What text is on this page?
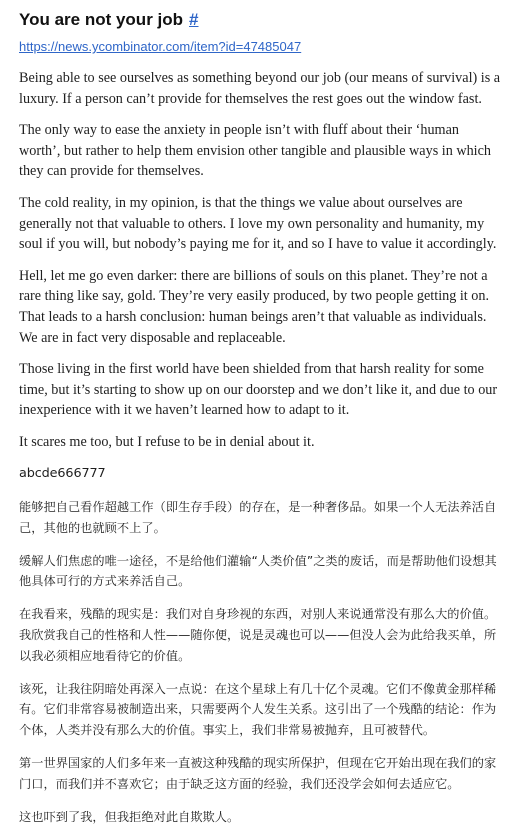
You are not your job #
https://news.ycombinator.com/item?id=47485047

Being able to see ourselves as something beyond our job (our means of survival) is a luxury. If a person can’t provide for themselves the rest goes out the window fast.

The only way to ease the anxiety in people isn’t with fluff about their ‘human worth’, but rather to help them envision other tangible and plausible ways in which they can provide for themselves.

The cold reality, in my opinion, is that the things we value about ourselves are generally not that valuable to others. I love my own personality and humanity, my soul if you will, but nobody’s paying me for it, and so I have to value it accordingly.

Hell, let me go even darker: there are billions of souls on this planet. They’re not a rare thing like say, gold. They’re very easily produced, by two people getting it on. That leads to a harsh conclusion: human beings aren’t that valuable as individuals. We are in fact very disposable and replaceable.

Those living in the first world have been shielded from that harsh reality for some time, but it’s starting to show up on our doorstep and we don’t like it, and due to our inexperience with it we haven’t learned how to adapt to it.

It scares me too, but I refuse to be in denial about it.

abcde666777

能够把自己看作超越工作（即生存手段）的存在，是一种奢侈品。如果一个人无法养活自己，其他的也就顾不上了。

缓解人们焦虑的唯一途径，不是给他们灌输“人类价值”之类的废话，而是帮助他们设想其他具体可行的方式来养活自己。

在我看来，残酷的现实是：我们对自身珍视的东西，对别人来说通常没有那么大的价值。我欣赏我自己的性格和人性——随你便，说是灵魂也可以——但没人会为此给我买单，所以我必须相应地看待它的价值。

该死，让我往阴暗处再深入一点说：在这个星球上有几十亿个灵魂。它们不像黄金那样稀有。它们非常容易被制造出来，只需要两个人发生关系。这引出了一个残酷的结论：作为个体，人类并没有那么大的价值。事实上，我们非常易被抛弃，且可被替代。

第一世界国家的人们多年来一直被这种残酷的现实所保护，但现在它开始出现在我们的家门口，而我们并不喜欢它；由于缺乏这方面的经验，我们还没学会如何去适应它。

这也吓到了我，但我拒绝对此自欺欺人。
